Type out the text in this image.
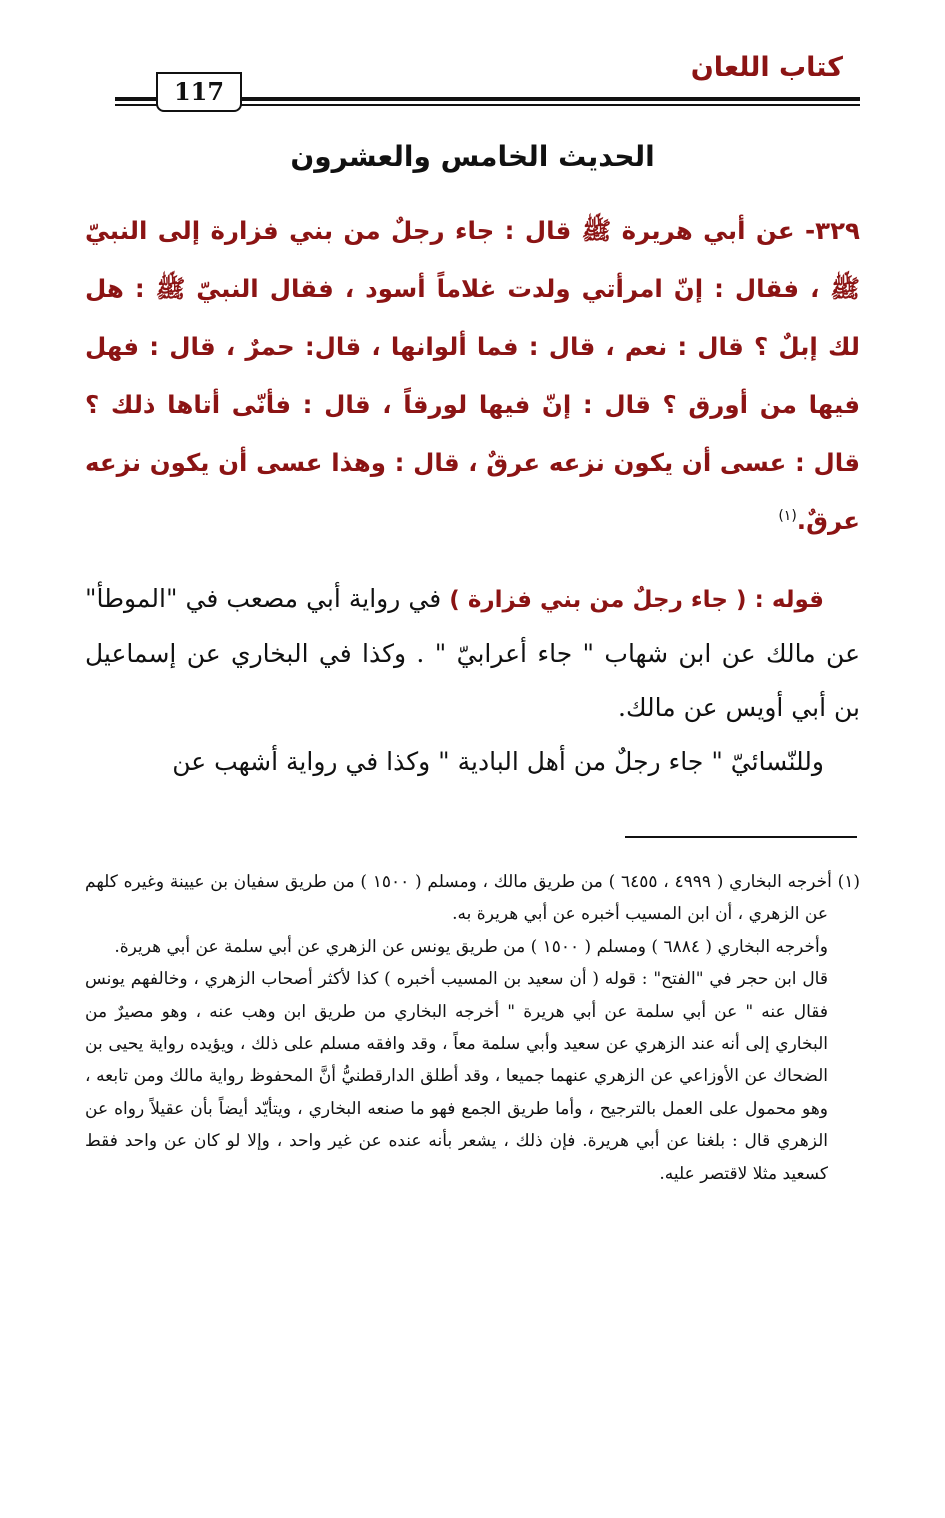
كتاب اللعان
117
الحديث الخامس والعشرون

٣٢٩- عن أبي هريرة ﷺ قال : جاء رجلٌ من بني فزارة إلى النبيّ ﷺ ، فقال : إنّ امرأتي ولدت غلاماً أسود ، فقال النبيّ ﷺ : هل لك إبلٌ ؟ قال : نعم ، قال : فما ألوانها ، قال: حمرٌ ، قال : فهل فيها من أورق ؟ قال : إنّ فيها لورقاً ، قال : فأنّى أتاها ذلك ؟ قال : عسى أن يكون نزعه عرقٌ ، قال : وهذا عسى أن يكون نزعه عرقٌ.$^{(١)}$

قوله : ( جاء رجلٌ من بني فزارة ) في رواية أبي مصعب في "الموطأ" عن مالك عن ابن شهاب " جاء أعرابيّ " . وكذا في البخاري عن إسماعيل بن أبي أويس عن مالك.

وللنّسائيّ " جاء رجلٌ من أهل البادية " وكذا في رواية أشهب عن

(١) أخرجه البخاري ( ٤٩٩٩ ، ٦٤٥٥ ) من طريق مالك ، ومسلم ( ١٥٠٠ ) من طريق سفيان بن عيينة وغيره كلهم عن الزهري ، أن ابن المسيب أخبره عن أبي هريرة به.

وأخرجه البخاري ( ٦٨٨٤ ) ومسلم ( ١٥٠٠ ) من طريق يونس عن الزهري عن أبي سلمة عن أبي هريرة.

قال ابن حجر في "الفتح" : قوله ( أن سعيد بن المسيب أخبره ) كذا لأكثر أصحاب الزهري ، وخالفهم يونس فقال عنه " عن أبي سلمة عن أبي هريرة " أخرجه البخاري من طريق ابن وهب عنه ، وهو مصيرٌ من البخاري إلى أنه عند الزهري عن سعيد وأبي سلمة معاً ، وقد وافقه مسلم على ذلك ، ويؤيده رواية يحيى بن الضحاك عن الأوزاعي عن الزهري عنهما جميعا ، وقد أطلق الدارقطنيُّ أنَّ المحفوظ رواية مالك ومن تابعه ، وهو محمول على العمل بالترجيح ، وأما طريق الجمع فهو ما صنعه البخاري ، ويتأيّد أيضاً بأن عقيلاً رواه عن الزهري قال : بلغنا عن أبي هريرة. فإن ذلك ، يشعر بأنه عنده عن غير واحد ، وإلا لو كان عن واحد فقط كسعيد مثلا لاقتصر عليه.
